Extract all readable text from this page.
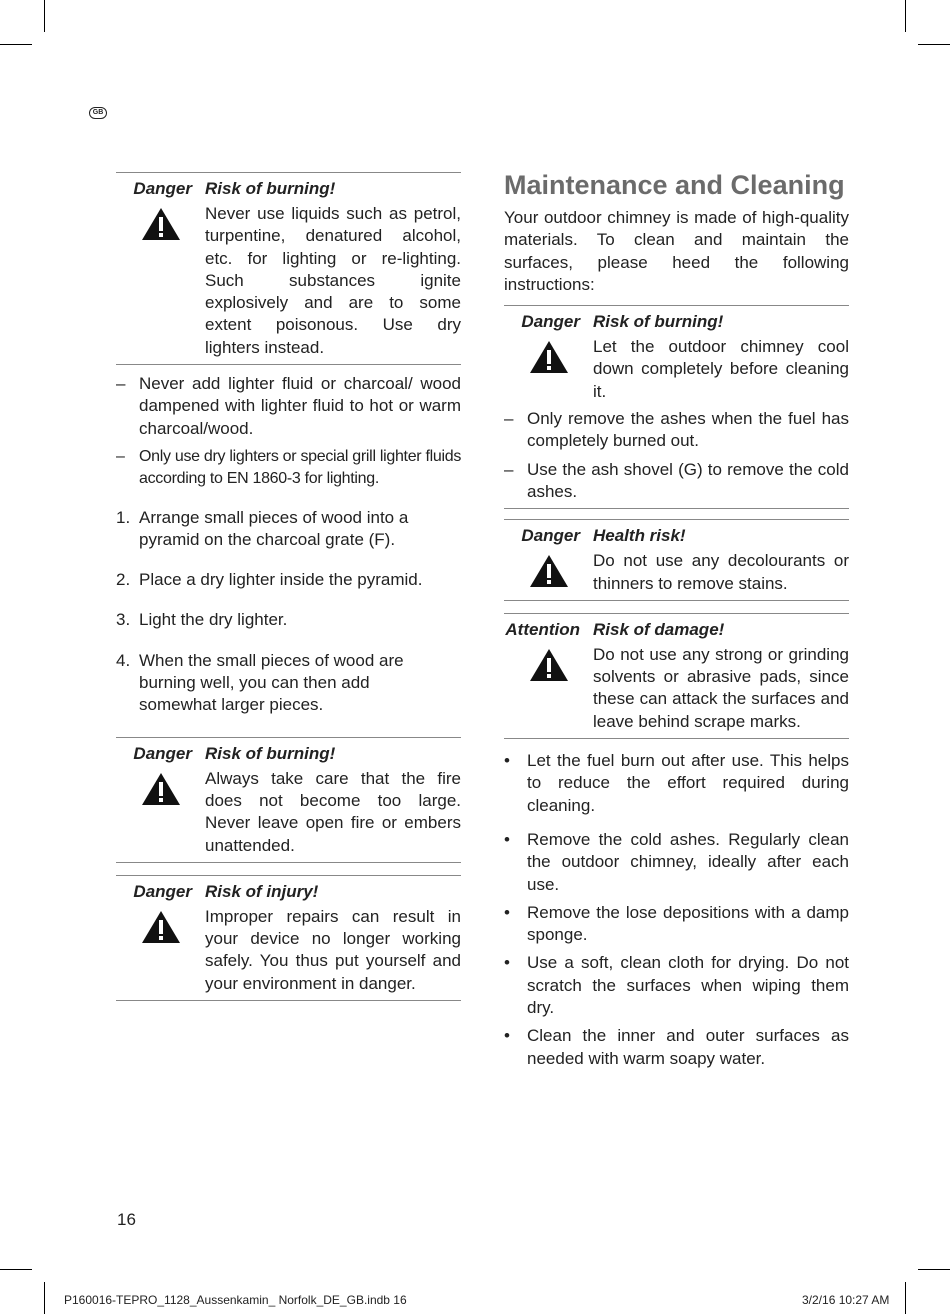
GB
Danger Risk of burning!
Never use liquids such as petrol, turpentine, denatured alcohol, etc. for lighting or re-lighting. Such substances ignite explosively and are to some extent poisonous. Use dry lighters instead.
– Never add lighter fluid or charcoal/ wood dampened with lighter fluid to hot or warm charcoal/wood.
– Only use dry lighters or special grill lighter fluids according to EN 1860-3 for lighting.
1. Arrange small pieces of wood into a pyramid on the charcoal grate (F).
2. Place a dry lighter inside the pyramid.
3. Light the dry lighter.
4. When the small pieces of wood are burning well, you can then add somewhat larger pieces.
Danger Risk of burning!
Always take care that the fire does not become too large. Never leave open fire or embers unattended.
Danger Risk of injury!
Improper repairs can result in your device no longer working safely. You thus put yourself and your environment in danger.
Maintenance and Cleaning

Your outdoor chimney is made of high-quality materials. To clean and maintain the surfaces, please heed the following instructions:

Danger Risk of burning!
Let the outdoor chimney cool down completely before cleaning it.
– Only remove the ashes when the fuel has completely burned out.
– Use the ash shovel (G) to remove the cold ashes.
Danger Health risk!
Do not use any decolourants or thinners to remove stains.
Attention Risk of damage!
Do not use any strong or grinding solvents or abrasive pads, since these can attack the surfaces and leave behind scrape marks.
•	Let the fuel burn out after use. This helps to reduce the effort required during cleaning.
•	Remove the cold ashes. Regularly clean the outdoor chimney, ideally after each use.
•	Remove the lose depositions with a damp sponge.
•	Use a soft, clean cloth for drying. Do not scratch the surfaces when wiping them dry.
•	Clean the inner and outer surfaces as needed with warm soapy water.
16
P160016-TEPRO_1128_Aussenkamin_ Norfolk_DE_GB.indb 16	3/2/16 10:27 AM
